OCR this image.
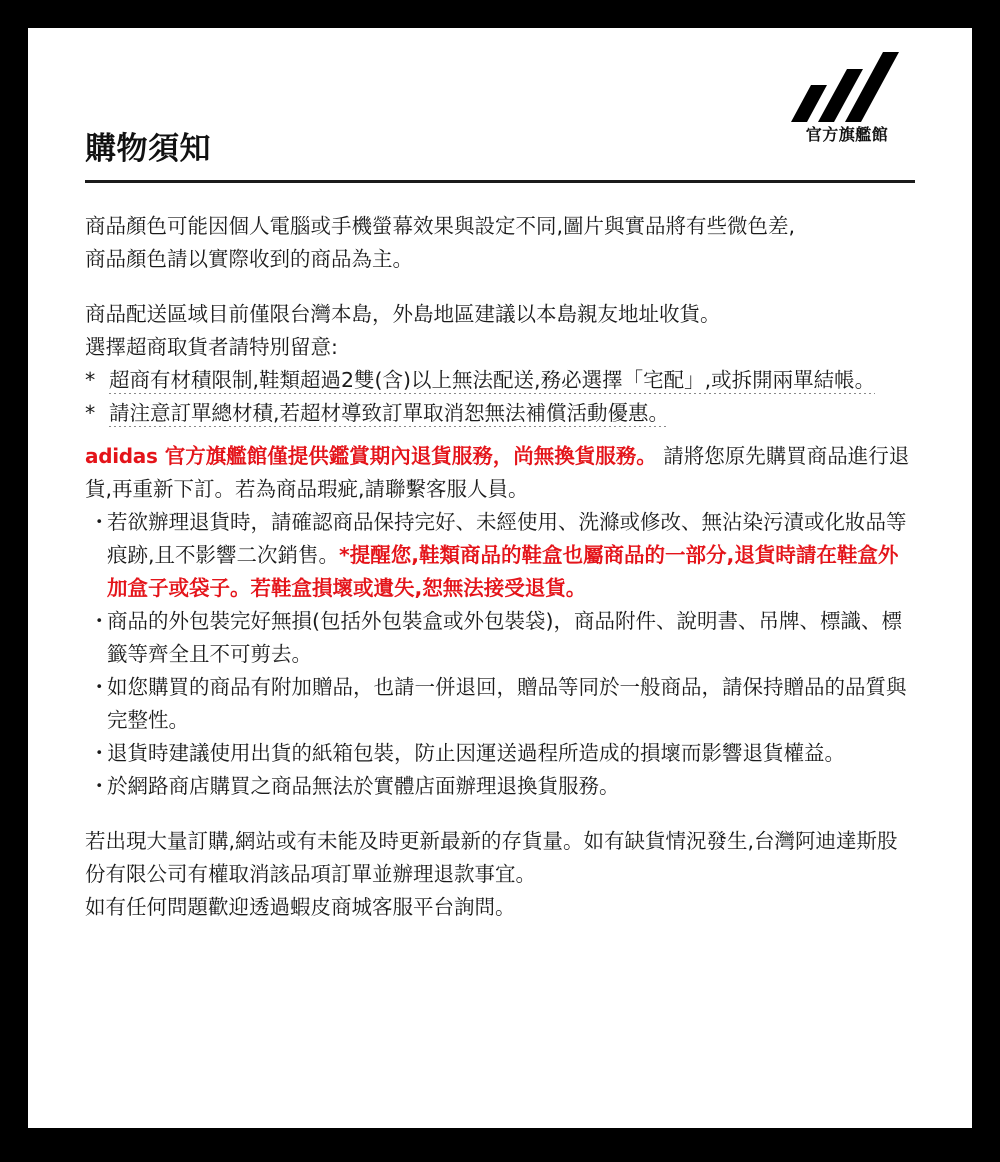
購物須知	官方旗艦館
商品顏色可能因個人電腦或手機螢幕效果與設定不同,圖片與實品將有些微色差,
商品顏色請以實際收到的商品為主。
商品配送區域目前僅限台灣本島，外島地區建議以本島親友地址收貨。
選擇超商取貨者請特別留意:
* 超商有材積限制,鞋類超過2雙(含)以上無法配送,務必選擇「宅配」,或拆開兩單結帳。
* 請注意訂單總材積,若超材導致訂單取消恕無法補償活動優惠。
adidas 官方旗艦館僅提供鑑賞期內退貨服務，尚無換貨服務。 請將您原先購買商品進行退貨,再重新下訂。若為商品瑕疵,請聯繫客服人員。
・
若欲辦理退貨時，請確認商品保持完好、未經使用、洗滌或修改、無沾染污漬或化妝品等痕跡,且不影響二次銷售。*提醒您,鞋類商品的鞋盒也屬商品的一部分,退貨時請在鞋盒外加盒子或袋子。若鞋盒損壞或遺失,恕無法接受退貨。
・
商品的外包裝完好無損(包括外包裝盒或外包裝袋)，商品附件、說明書、吊牌、標識、標籤等齊全且不可剪去。
・
如您購買的商品有附加贈品，也請一併退回，贈品等同於一般商品，請保持贈品的品質與完整性。
・
退貨時建議使用出貨的紙箱包裝，防止因運送過程所造成的損壞而影響退貨權益。
・
於網路商店購買之商品無法於實體店面辦理退換貨服務。
若出現大量訂購,網站或有未能及時更新最新的存貨量。如有缺貨情況發生,台灣阿迪達斯股份有限公司有權取消該品項訂單並辦理退款事宜。
如有任何問題歡迎透過蝦皮商城客服平台詢問。
